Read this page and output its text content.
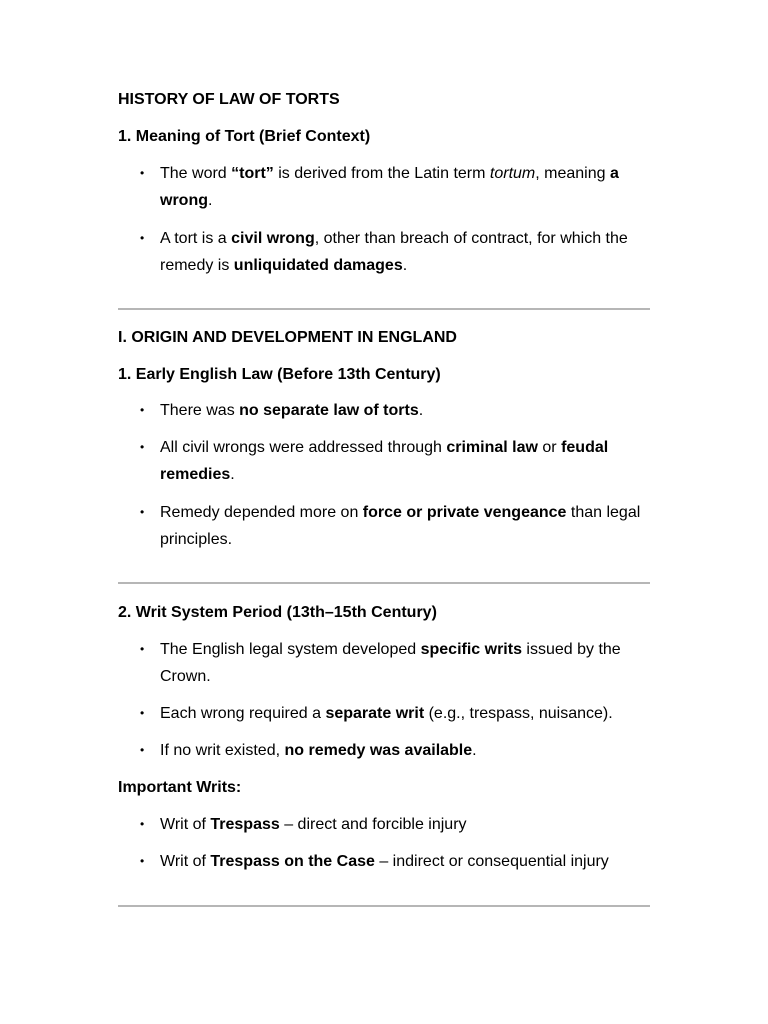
HISTORY OF LAW OF TORTS

1. Meaning of Tort (Brief Context)

• The word “tort” is derived from the Latin term tortum, meaning a wrong.
• A tort is a civil wrong, other than breach of contract, for which the remedy is unliquidated damages.

I. ORIGIN AND DEVELOPMENT IN ENGLAND

1. Early English Law (Before 13th Century)

• There was no separate law of torts.
• All civil wrongs were addressed through criminal law or feudal remedies.
• Remedy depended more on force or private vengeance than legal principles.

2. Writ System Period (13th–15th Century)

• The English legal system developed specific writs issued by the Crown.
• Each wrong required a separate writ (e.g., trespass, nuisance).
• If no writ existed, no remedy was available.

Important Writs:

• Writ of Trespass – direct and forcible injury
• Writ of Trespass on the Case – indirect or consequential injury
